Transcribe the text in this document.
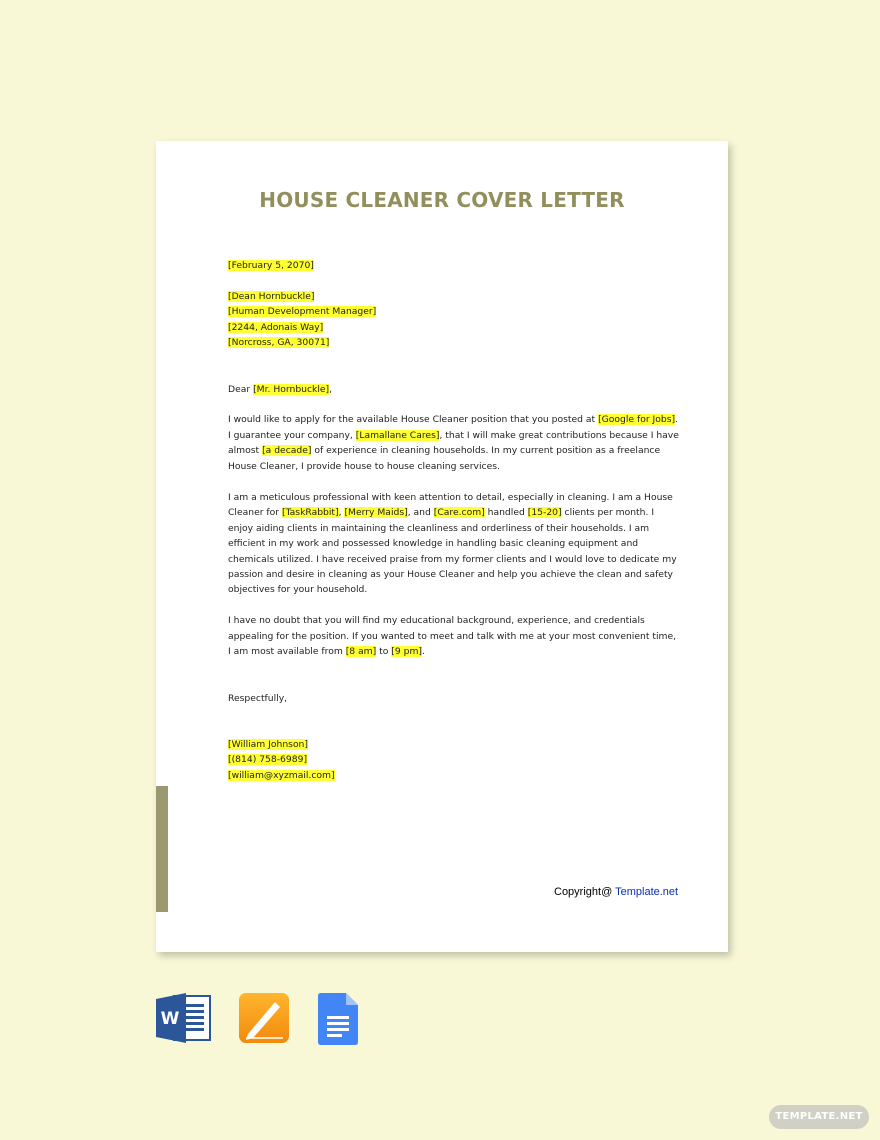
HOUSE CLEANER COVER LETTER

[February 5, 2070]

[Dean Hornbuckle]

[Human Development Manager]

[2244, Adonais Way]

[Norcross, GA, 30071]

Dear [Mr. Hornbuckle],

I would like to apply for the available House Cleaner position that you posted at [Google for Jobs]. I guarantee your company, [Lamallane Cares], that I will make great contributions because I have almost [a decade] of experience in cleaning households. In my current position as a freelance House Cleaner, I provide house to house cleaning services.

I am a meticulous professional with keen attention to detail, especially in cleaning. I am a House Cleaner for [TaskRabbit], [Merry Maids], and [Care.com] handled [15-20] clients per month. I enjoy aiding clients in maintaining the cleanliness and orderliness of their households. I am efficient in my work and possessed knowledge in handling basic cleaning equipment and chemicals utilized. I have received praise from my former clients and I would love to dedicate my passion and desire in cleaning as your House Cleaner and help you achieve the clean and safety objectives for your household.

I have no doubt that you will find my educational background, experience, and credentials appealing for the position. If you wanted to meet and talk with me at your most convenient time, I am most available from [8 am] to [9 pm].

Respectfully,

[William Johnson]

[(814) 758-6989]

[william@xyzmail.com]

Copyright@ Template.net
W
TEMPLATE.NET
